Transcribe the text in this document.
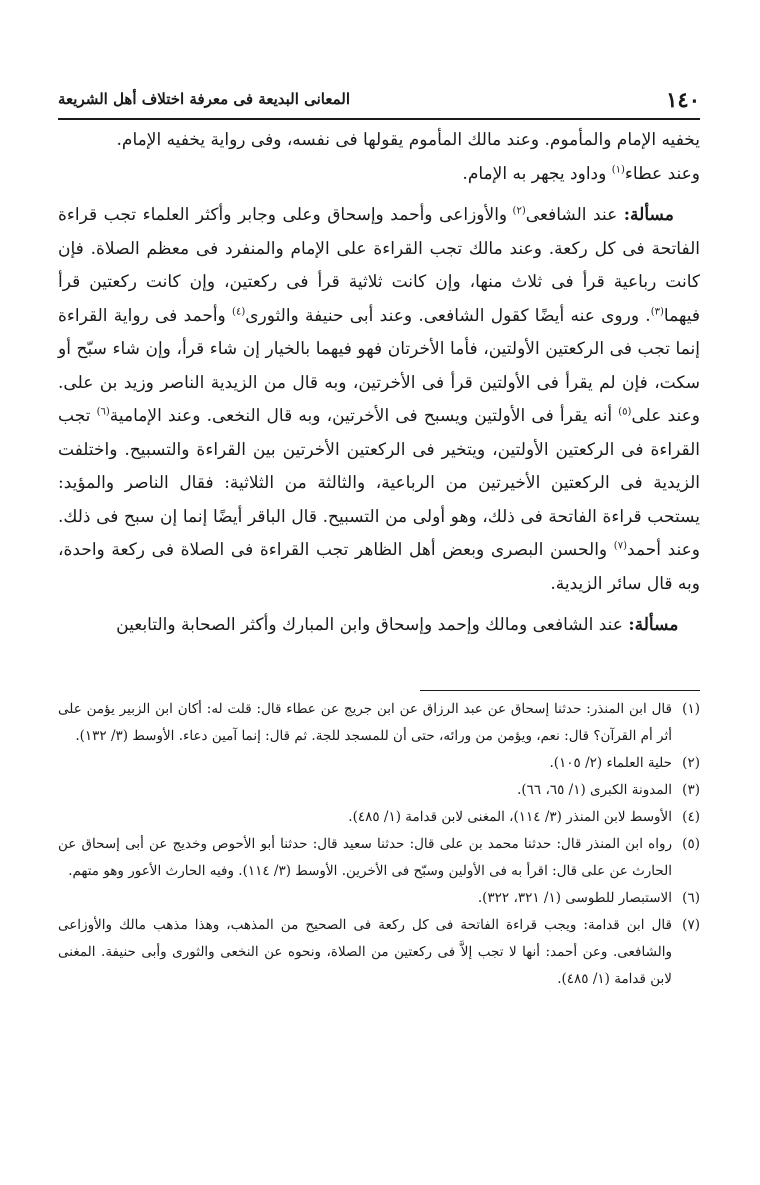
١٤٠
المعانى البديعة فى معرفة اختلاف أهل الشريعة

يخفيه الإمام والمأموم. وعند مالك المأموم يقولها فى نفسه، وفى رواية يخفيه الإمام.
وعند عطاء$^{(١)}$ وداود يجهر به الإمام.

مسألة: عند الشافعى$^{(٢)}$ والأوزاعى وأحمد وإسحاق وعلى وجابر وأكثر العلماء تجب قراءة الفاتحة فى كل ركعة. وعند مالك تجب القراءة على الإمام والمنفرد فى معظم الصلاة. فإن كانت رباعية قرأ فى ثلاث منها، وإن كانت ثلاثية قرأ فى ركعتين، وإن كانت ركعتين قرأ فيهما$^{(٣)}$. وروى عنه أيضًا كقول الشافعى. وعند أبى حنيفة والثورى$^{(٤)}$ وأحمد فى رواية القراءة إنما تجب فى الركعتين الأولتين، فأما الأخرتان فهو فيهما بالخيار إن شاء قرأ، وإن شاء سبّح أو سكت، فإن لم يقرأ فى الأولتين قرأ فى الأخرتين، وبه قال من الزيدية الناصر وزيد بن على. وعند على$^{(٥)}$ أنه يقرأ فى الأولتين ويسبح فى الأخرتين، وبه قال النخعى. وعند الإمامية$^{(٦)}$ تجب القراءة فى الركعتين الأولتين، ويتخير فى الركعتين الأخرتين بين القراءة والتسبيح. واختلفت الزيدية فى الركعتين الأخيرتين من الرباعية، والثالثة من الثلاثية: فقال الناصر والمؤيد: يستحب قراءة الفاتحة فى ذلك، وهو أولى من التسبيح. قال الباقر أيضًا إنما إن سبح فى ذلك. وعند أحمد$^{(٧)}$ والحسن البصرى وبعض أهل الظاهر تجب القراءة فى الصلاة فى ركعة واحدة، وبه قال سائر الزيدية.

مسألة: عند الشافعى ومالك وإحمد وإسحاق وابن المبارك وأكثر الصحابة والتابعين

(١)قال ابن المنذر: حدثنا إسحاق عن عبد الرزاق عن ابن جريج عن عطاء قال: قلت له: أكان ابن الزبير يؤمن على أثر أم القرآن؟ قال: نعم، ويؤمن من ورائه، حتى أن للمسجد للجة. ثم قال: إنما آمين دعاء. الأوسط (٣/ ١٣٢).

(٢)حلية العلماء (٢/ ١٠٥).

(٣)المدونة الكبرى (١/ ٦٥، ٦٦).

(٤)الأوسط لابن المنذر (٣/ ١١٤)، المغنى لابن قدامة (١/ ٤٨٥).

(٥)رواه ابن المنذر قال: حدثنا محمد بن على قال: حدثنا سعيد قال: حدثنا أبو الأحوص وخديج عن أبى إسحاق عن الحارث عن على قال: اقرأ به فى الأولين وسبّح فى الأخرين. الأوسط (٣/ ١١٤). وفيه الحارث الأعور وهو متهم.

(٦)الاستبصار للطوسى (١/ ٣٢١، ٣٢٢).

(٧)قال ابن قدامة: ويجب قراءة الفاتحة فى كل ركعة فى الصحيح من المذهب، وهذا مذهب مالك والأوزاعى والشافعى. وعن أحمد: أنها لا تجب إلاَّ فى ركعتين من الصلاة، ونحوه عن النخعى والثورى وأبى حنيفة. المغنى لابن قدامة (١/ ٤٨٥).
